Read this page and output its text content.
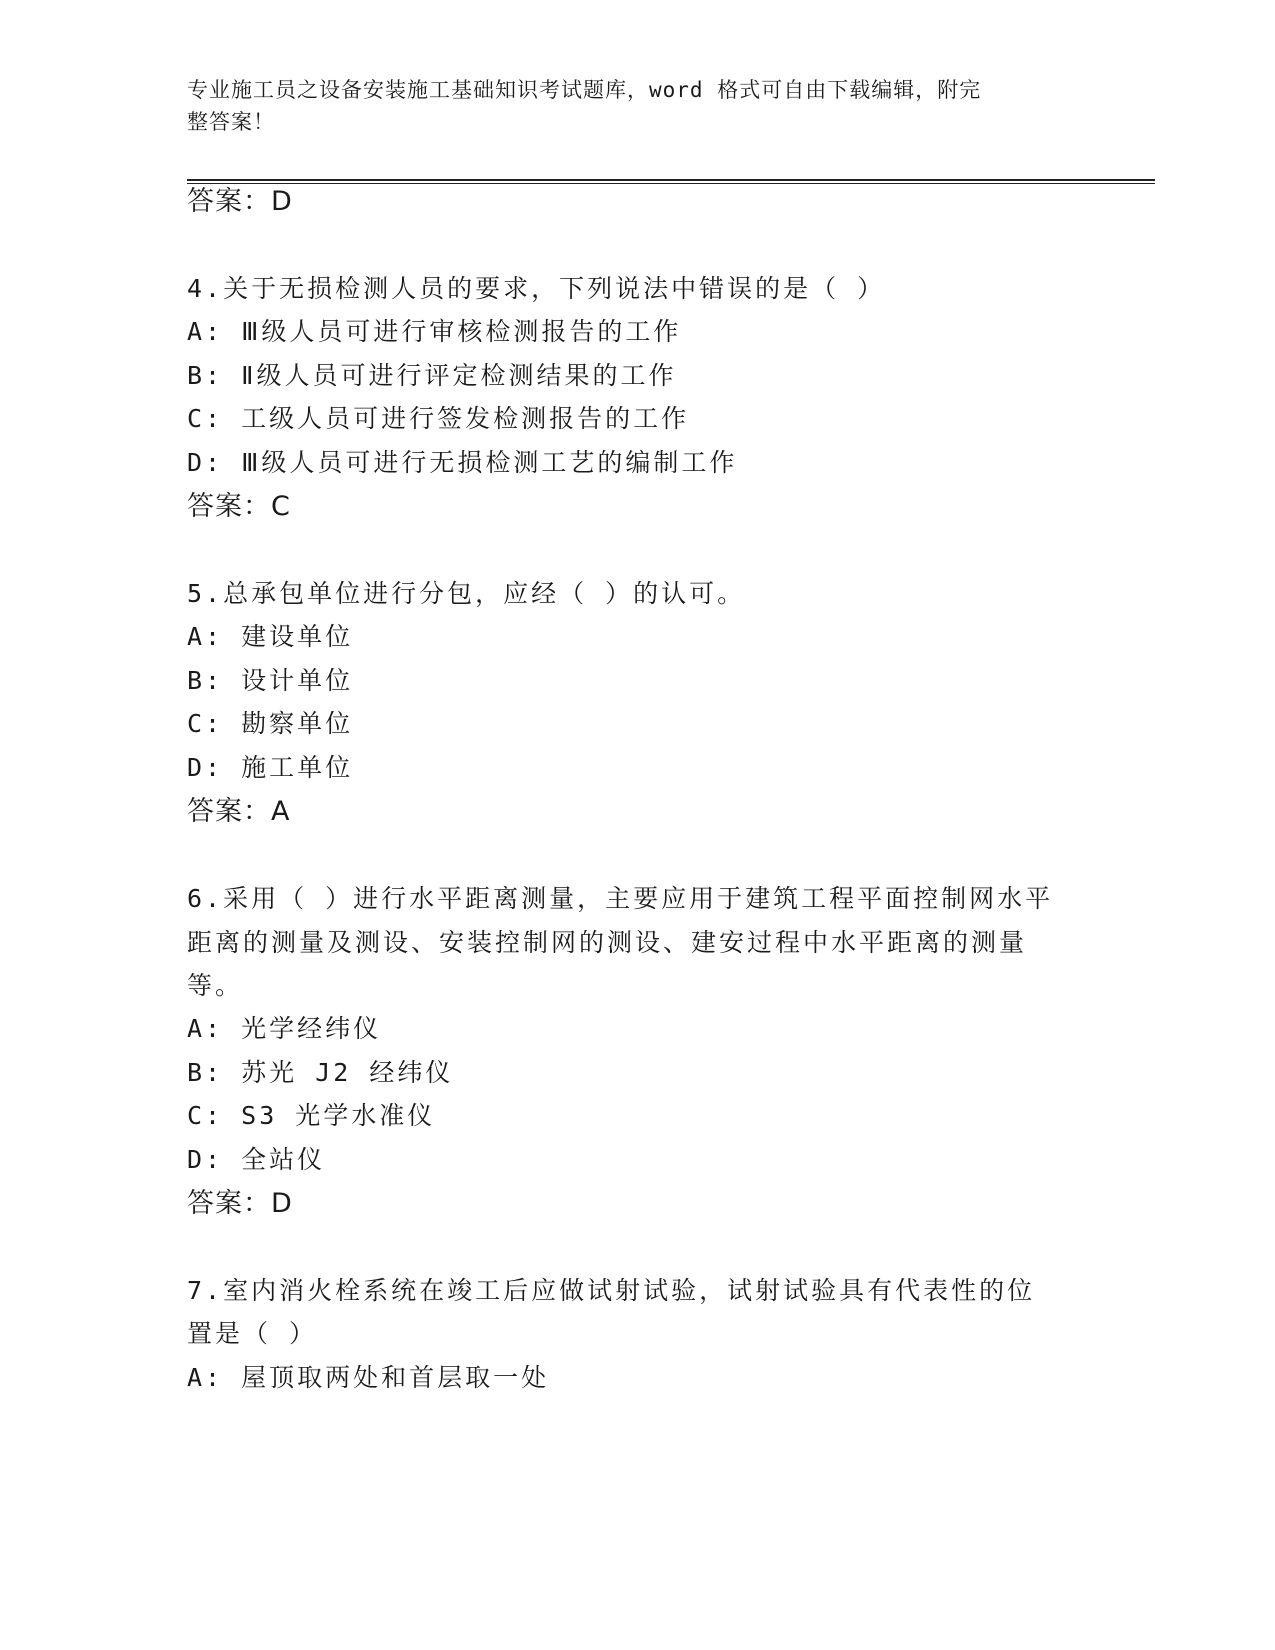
专业施工员之设备安装施工基础知识考试题库，word 格式可自由下载编辑，附完
整答案！
答案：D
4.关于无损检测人员的要求，下列说法中错误的是（ ）
A: Ⅲ级人员可进行审核检测报告的工作
B: Ⅱ级人员可进行评定检测结果的工作
C: 工级人员可进行签发检测报告的工作
D: Ⅲ级人员可进行无损检测工艺的编制工作
答案：C
5.总承包单位进行分包，应经（ ）的认可。
A: 建设单位
B: 设计单位
C: 勘察单位
D: 施工单位
答案：A
6.采用（ ）进行水平距离测量，主要应用于建筑工程平面控制网水平
距离的测量及测设、安装控制网的测设、建安过程中水平距离的测量
等。
A: 光学经纬仪
B: 苏光 J2 经纬仪
C: S3 光学水准仪
D: 全站仪
答案：D
7.室内消火栓系统在竣工后应做试射试验，试射试验具有代表性的位
置是（ ）
A: 屋顶取两处和首层取一处
